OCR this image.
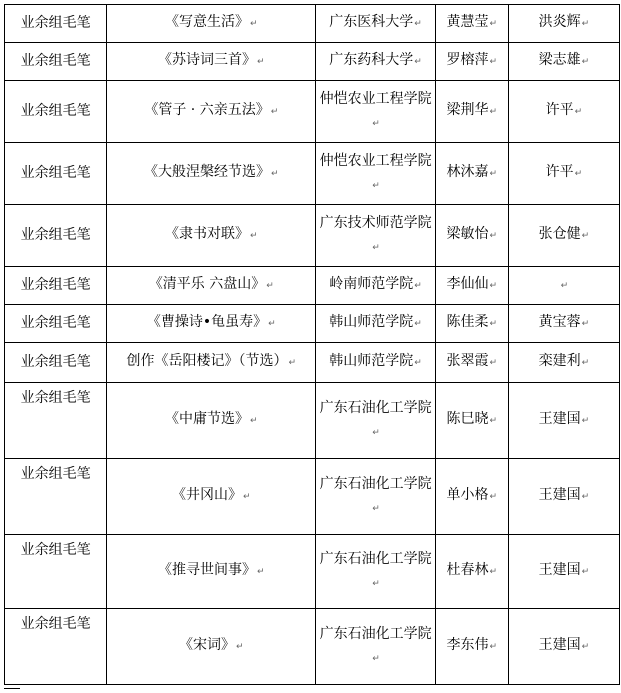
业余组毛笔	《写意生活》↵	广东医科大学↵	黄慧莹↵	洪炎辉↵

业余组毛笔	《苏诗词三首》↵	广东药科大学↵	罗榕萍↵	梁志雄↵

业余组毛笔	《管子 · 六亲五法》↵	仲恺农业工程学院↵	梁荆华↵	许平↵

业余组毛笔	《大般涅槃经节选》↵	仲恺农业工程学院↵	林沐嘉↵	许平↵

业余组毛笔	《隶书对联》↵	广东技术师范学院↵	梁敏怡↵	张仓健↵

业余组毛笔	《清平乐 六盘山》↵	岭南师范学院↵	李仙仙↵	↵

业余组毛笔	《曹操诗•龟虽寿》↵	韩山师范学院↵	陈佳柔↵	黄宝蓉↵

业余组毛笔	创作《岳阳楼记》（节选）↵	韩山师范学院↵	张翠霞↵	栾建利↵

业余组毛笔	《中庸节选》↵	广东石油化工学院↵	陈巳晓↵	王建国↵

业余组毛笔	《井冈山》↵	广东石油化工学院↵	单小格↵	王建国↵

业余组毛笔	《推寻世间事》↵	广东石油化工学院↵	杜春林↵	王建国↵

业余组毛笔	《宋词》↵	广东石油化工学院↵	李东伟↵	王建国↵
